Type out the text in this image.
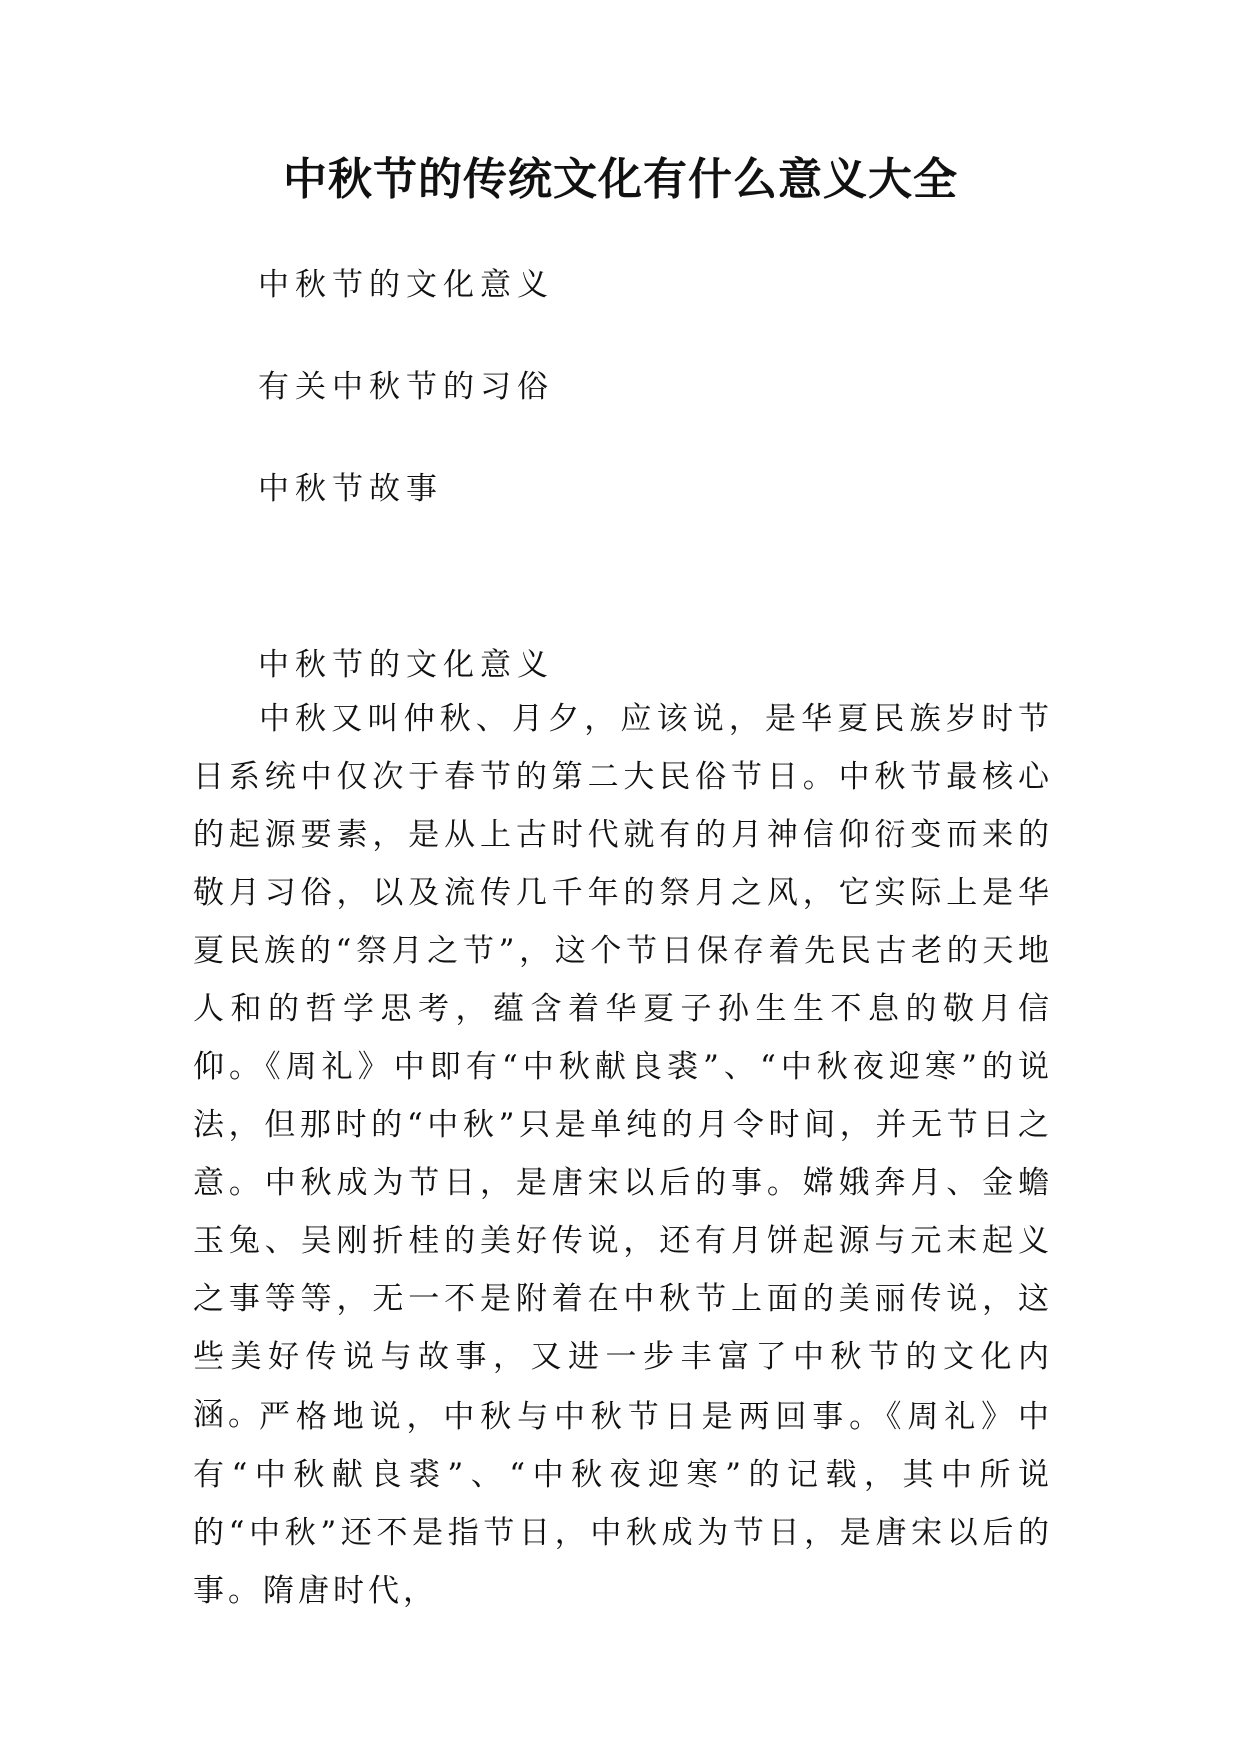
中秋节的传统文化有什么意义大全

中秋节的文化意义

有关中秋节的习俗

中秋节故事

中秋节的文化意义

中秋又叫仲秋、月夕，应该说，是华夏民族岁时节日系统中仅次于春节的第二大民俗节日。中秋节最核心的起源要素，是从上古时代就有的月神信仰衍变而来的敬月习俗，以及流传几千年的祭月之风，它实际上是华夏民族的“祭月之节”，这个节日保存着先民古老的天地人和的哲学思考，蕴含着华夏子孙生生不息的敬月信仰。《周礼》中即有“中秋献良裘”、“中秋夜迎寒”的说法，但那时的“中秋”只是单纯的月令时间，并无节日之意。中秋成为节日，是唐宋以后的事。嫦娥奔月、金蟾玉兔、吴刚折桂的美好传说，还有月饼起源与元末起义之事等等，无一不是附着在中秋节上面的美丽传说，这些美好传说与故事，又进一步丰富了中秋节的文化内涵。

严格地说，中秋与中秋节日是两回事。《周礼》中有“中秋献良裘”、“中秋夜迎寒”的记载，其中所说的“中秋”还不是指节日，中秋成为节日，是唐宋以后的事。隋唐时代，
